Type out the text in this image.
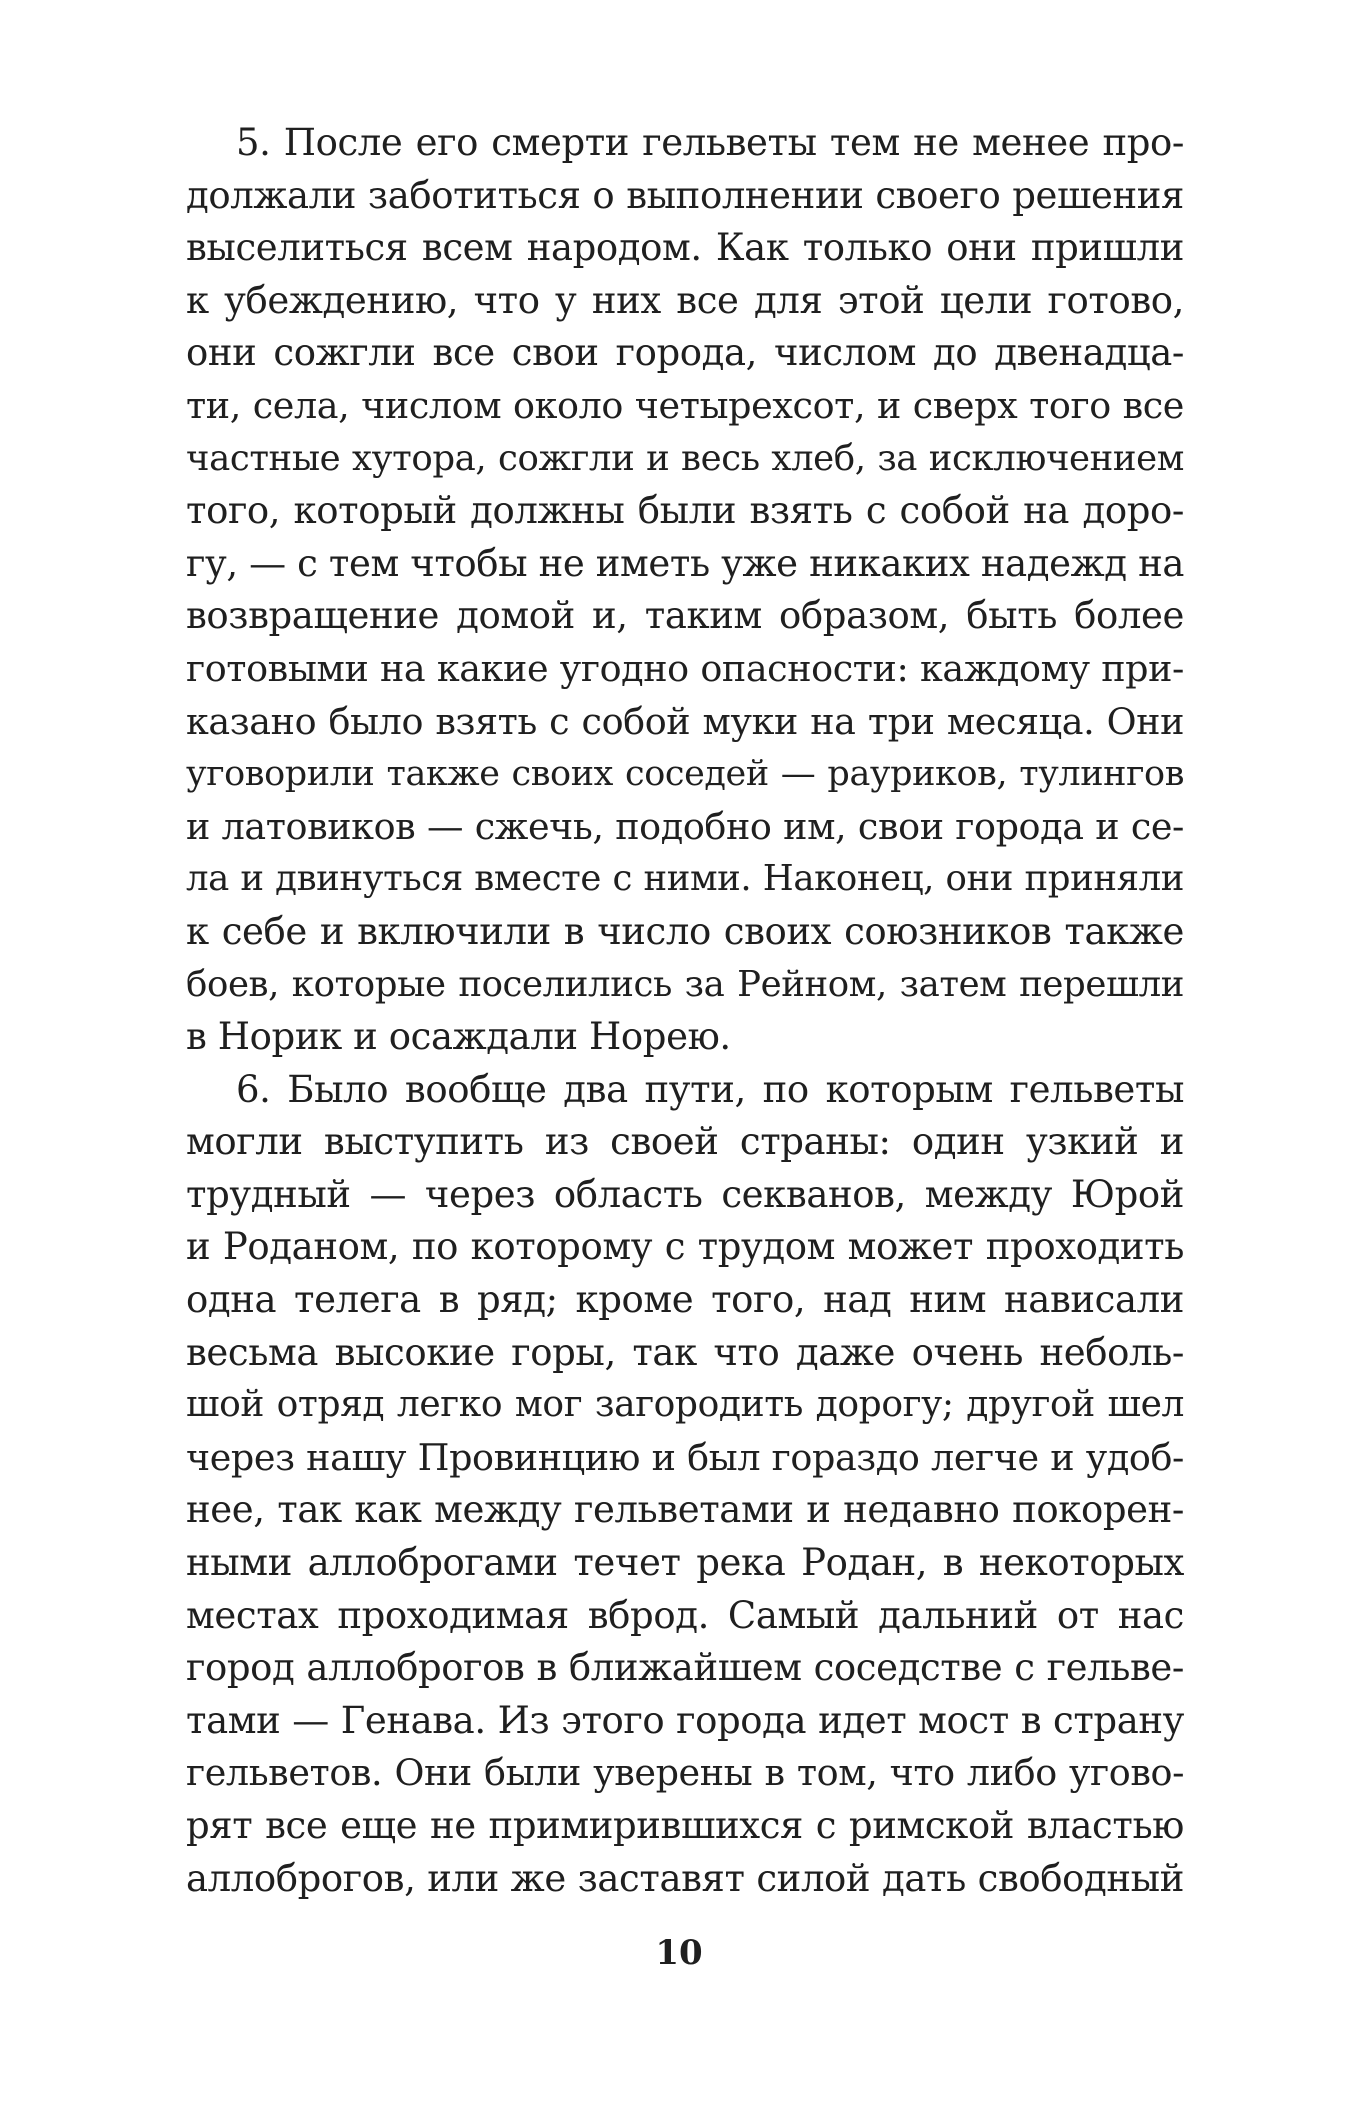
5. После его смерти гельветы тем не менее про-
должали заботиться о выполнении своего решения
выселиться всем народом. Как только они пришли
к убеждению, что у них все для этой цели готово,
они сожгли все свои города, числом до двенадца-
ти, села, числом около четырехсот, и сверх того все
частные хутора, сожгли и весь хлеб, за исключением
того, который должны были взять с собой на доро-
гу, — с тем чтобы не иметь уже никаких надежд на
возвращение домой и, таким образом, быть более
готовыми на какие угодно опасности: каждому при-
казано было взять с собой муки на три месяца. Они
уговорили также своих соседей — рауриков, тулингов
и латовиков — сжечь, подобно им, свои города и се-
ла и двинуться вместе с ними. Наконец, они приняли
к себе и включили в число своих союзников также
боев, которые поселились за Рейном, затем перешли
в Норик и осаждали Норею.
6. Было вообще два пути, по которым гельветы
могли выступить из своей страны: один узкий и
трудный — через область секванов, между Юрой
и Роданом, по которому с трудом может проходить
одна телега в ряд; кроме того, над ним нависали
весьма высокие горы, так что даже очень неболь-
шой отряд легко мог загородить дорогу; другой шел
через нашу Провинцию и был гораздо легче и удоб-
нее, так как между гельветами и недавно покорен-
ными аллоброгами течет река Родан, в некоторых
местах проходимая вброд. Самый дальний от нас
город аллоброгов в ближайшем соседстве с гельве-
тами — Генава. Из этого города идет мост в страну
гельветов. Они были уверены в том, что либо угово-
рят все еще не примирившихся с римской властью
аллоброгов, или же заставят силой дать свободный
10
